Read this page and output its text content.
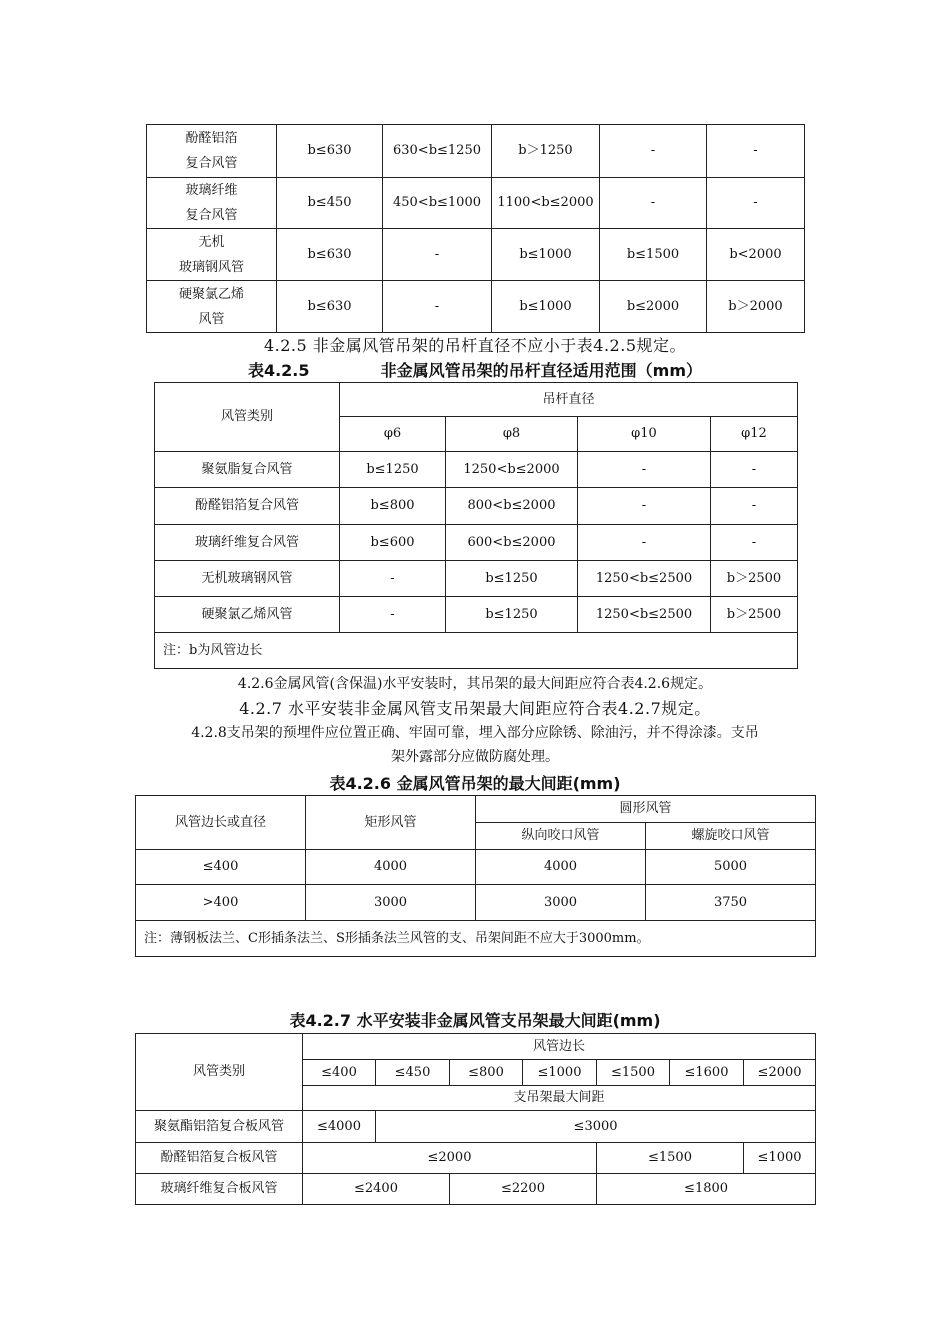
酚醛铝箔
复合风管	b≤630	630<b≤1250	b＞1250	-	-
玻璃纤维
复合风管	b≤450	450<b≤1000	1100<b≤2000	-	-
无机
玻璃钢风管	b≤630	-	b≤1000	b≤1500	b<2000
硬聚氯乙烯
风管	b≤630	-	b≤1000	b≤2000	b＞2000
4.2.5 非金属风管吊架的吊杆直径不应小于表4.2.5规定。
表4.2.5	非金属风管吊架的吊杆直径适用范围（mm）
风管类别	吊杆直径			
	φ6	φ8	φ10	φ12
聚氨脂复合风管	b≤1250	1250<b≤2000	-	-
酚醛铝箔复合风管	b≤800	800<b≤2000	-	-
玻璃纤维复合风管	b≤600	600<b≤2000	-	-
无机玻璃钢风管	-	b≤1250	1250<b≤2500	b＞2500
硬聚氯乙烯风管	-	b≤1250	1250<b≤2500	b＞2500
注：b为风管边长				
4.2.6金属风管(含保温)水平安装时，其吊架的最大间距应符合表4.2.6规定。
4.2.7 水平安装非金属风管支吊架最大间距应符合表4.2.7规定。
4.2.8支吊架的预埋件应位置正确、牢固可靠，埋入部分应除锈、除油污，并不得涂漆。支吊
架外露部分应做防腐处理。
表4.2.6 金属风管吊架的最大间距(mm)
风管边长或直径	矩形风管	圆形风管	
		纵向咬口风管	螺旋咬口风管
≤400	4000	4000	5000
>400	3000	3000	3750
注：薄钢板法兰、C形插条法兰、S形插条法兰风管的支、吊架间距不应大于3000mm。			
表4.2.7 水平安装非金属风管支吊架最大间距(mm)
风管类别	风管边长						
	≤400	≤450	≤800	≤1000	≤1500	≤1600	≤2000
	支吊架最大间距						
聚氨酯铝箔复合板风管	≤4000	≤3000					
酚醛铝箔复合板风管	≤2000				≤1500		≤1000
玻璃纤维复合板风管	≤2400		≤2200		≤1800		
